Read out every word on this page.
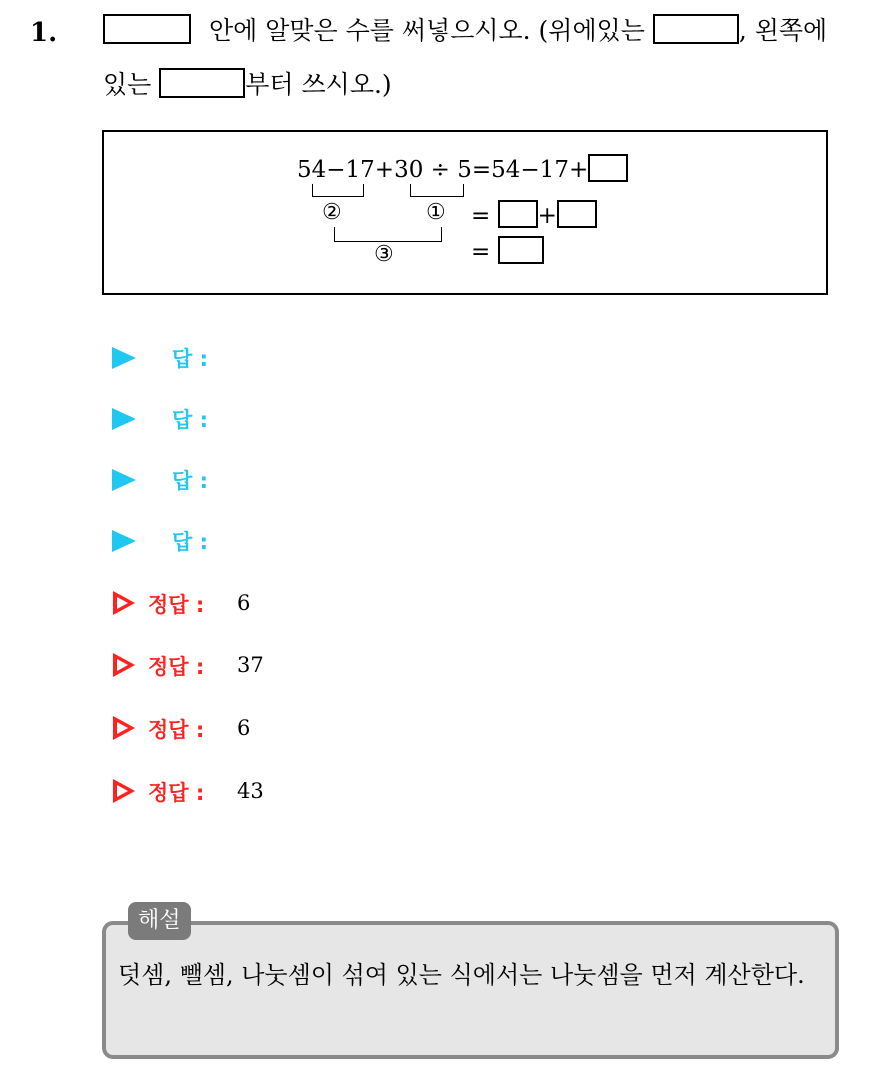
1.	안에 알맞은 수를 써넣으시오. (위에있는	, 왼쪽에
있는	부터 쓰시오.)
54−17+30 ÷ 5=54−17+
②	①
③
= +
=
답 :
답 :
답 :
답 :
정답 : 6
정답 : 37
정답 : 6
정답 : 43
해설
덧셈, 뺄셈, 나눗셈이 섞여 있는 식에서는 나눗셈을 먼저 계산한다.
